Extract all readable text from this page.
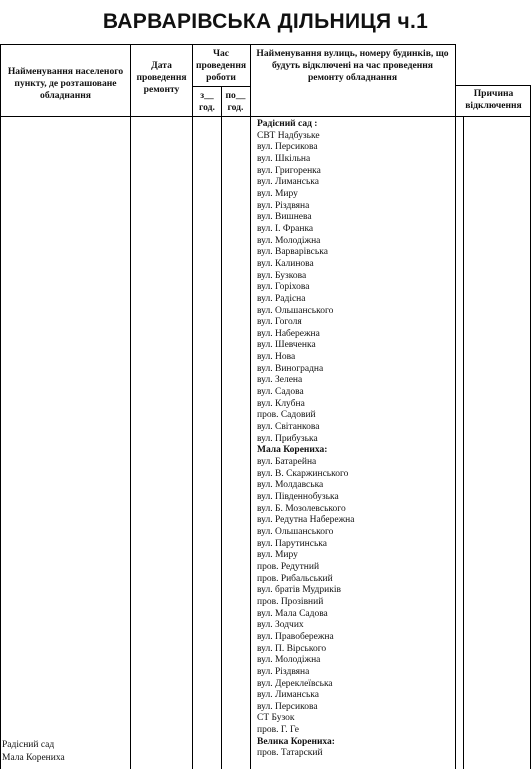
ВАРВАРІВСЬКА ДІЛЬНИЦЯ ч.1
Найменування населеного пункту, де розташоване обладнання
Дата проведення ремонту
Час проведення роботи
з__ год.
по__ год.
Найменування вулиць, номеру будинків, що будуть відключені на час проведення ремонту обладнання
Причина відключення
Радісний сад :
СВТ Надбузьке
вул. Персикова
вул. Шкільна
вул. Григоренка
вул. Лиманська
вул. Миру
вул. Різдвяна
вул. Вишнева
вул. І. Франка
вул. Молодіжна
вул. Варварівська
вул. Калинова
вул. Бузкова
вул. Горіхова
вул. Радісна
вул. Ольшанського
вул. Гоголя
вул. Набережна
вул. Шевченка
вул. Нова
вул. Виноградна
вул. Зелена
вул. Садова
вул. Клубна
пров. Садовий
вул. Світанкова
вул. Прибузька
Мала Корениха:
вул. Батарейна
вул. В. Скаржинського
вул. Молдавська
вул. Південнобузька
вул. Б. Мозолевського
вул. Редутна Набережна
вул. Ольшанського
вул. Парутинська
вул. Миру
пров. Редутний
пров. Рибальський
вул. братів Мудриків
пров. Прозівний
вул. Мала Садова
вул. Зодчих
вул. Правобережна
вул. П. Вірського
вул. Молодіжна
вул. Різдвяна
вул. Дереклеївська
вул. Лиманська
вул. Персикова
СТ Бузок
пров. Г. Ге
Велика Корениха:
пров. Татарский
Радісний сад
Мала Корениха
